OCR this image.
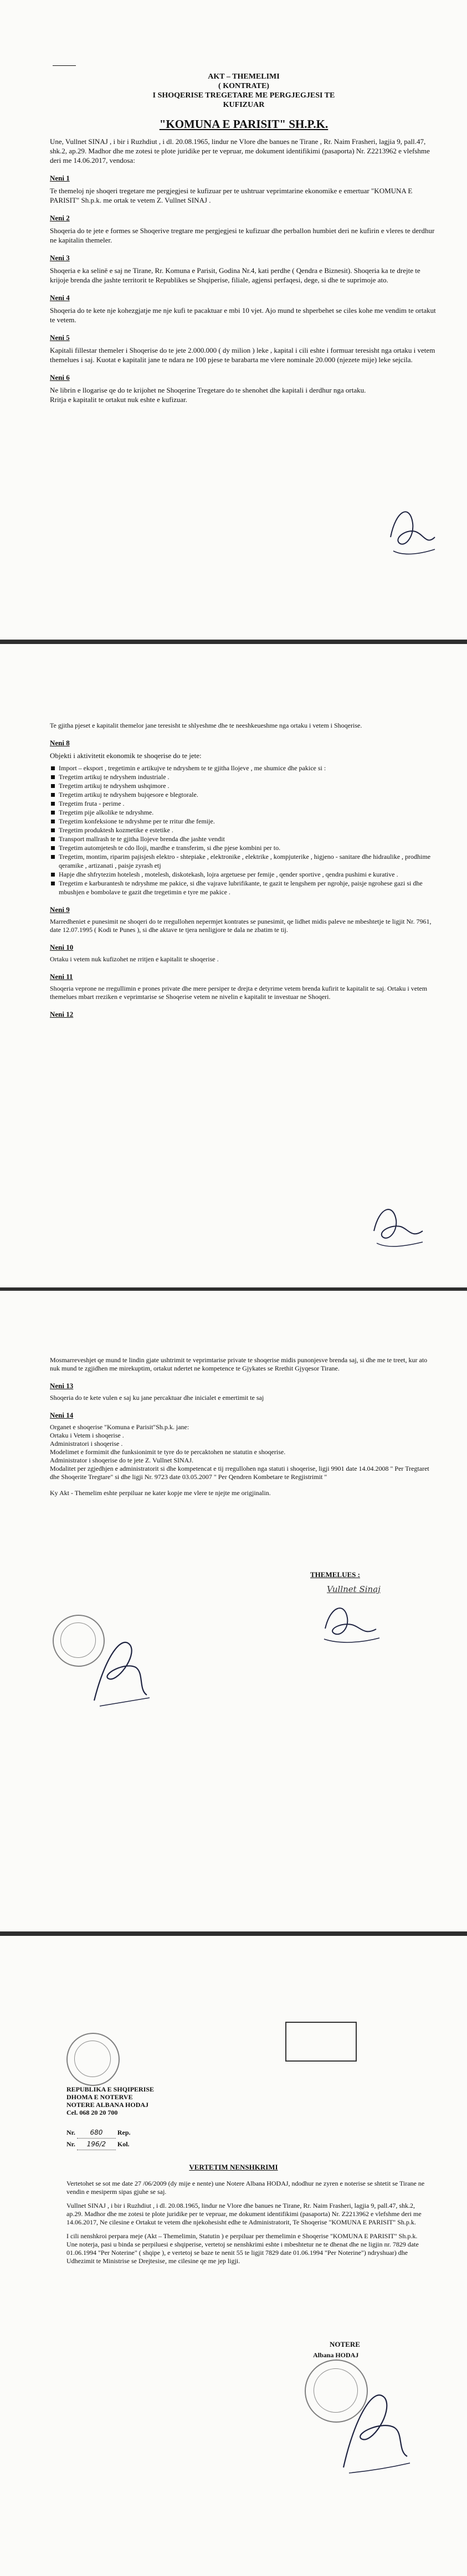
AKT – THEMELIMI
( KONTRATE)
I SHOQERISE TREGETARE ME PERGJEGJESI TE
KUFIZUAR
"KOMUNA E PARISIT" SH.P.K.

Une, Vullnet SINAJ , i bir i Ruzhdiut , i dl. 20.08.1965, lindur ne Vlore dhe banues ne Tirane , Rr. Naim Frasheri, lagjia 9, pall.47, shk.2, ap.29. Madhor dhe me zotesi te plote juridike per te vepruar, me dokument identifikimi (pasaporta) Nr. Z2213962 e vlefshme deri me 14.06.2017, vendosa:

Neni 1

Te themeloj nje shoqeri tregetare me pergjegjesi te kufizuar per te ushtruar veprimtarine ekonomike e emertuar "KOMUNA E PARISIT" Sh.p.k. me ortak te vetem Z. Vullnet SINAJ .

Neni 2

Shoqeria do te jete e formes se Shoqerive tregtare me pergjegjesi te kufizuar dhe perballon humbiet deri ne kufirin e vleres te derdhur ne kapitalin themeler.

Neni 3

Shoqeria e ka selinë e saj ne Tirane, Rr. Komuna e Parisit, Godina Nr.4, kati perdhe ( Qendra e Biznesit). Shoqeria ka te drejte te krijoje brenda dhe jashte territorit te Republikes se Shqiperise, filiale, agjensi perfaqesi, dege, si dhe te suprimoje ato.

Neni 4

Shoqeria do te kete nje kohezgjatje me nje kufi te pacaktuar e mbi 10 vjet. Ajo mund te shperbehet se ciles kohe me vendim te ortakut te vetem.

Neni 5

Kapitali fillestar themeler i Shoqerise do te jete 2.000.000 ( dy milion ) leke , kapital i cili eshte i formuar teresisht nga ortaku i vetem themelues i saj. Kuotat e kapitalit jane te ndara ne 100 pjese te barabarta me vlere nominale 20.000 (njezete mije) leke sejcila.

Neni 6

Ne librin e llogarise qe do te krijohet ne Shoqerine Tregetare do te shenohet dhe kapitali i derdhur nga ortaku.
Rritja e kapitalit te ortakut nuk eshte e kufizuar.

Te gjitha pjeset e kapitalit themelor jane teresisht te shlyeshme dhe te neeshkeueshme nga ortaku i vetem i Shoqerise.

Neni 8

Objekti i aktivitetit ekonomik te shoqerise do te jete:

Import – eksport , tregetimin e artikujve te ndryshem te te gjitha llojeve , me shumice dhe pakice si :

Tregetim artikuj te ndryshem industriale .

Tregetim artikuj te ndryshem ushqimore .

Tregetim artikuj te ndryshem bujqesore e blegtorale.

Tregetim fruta - perime .

Tregetim pije alkolike te ndryshme.

Tregetim konfeksione te ndryshme per te rritur dhe femije.

Tregetim produktesh kozmetike e estetike .

Transport mallrash te te gjitha llojeve brenda dhe jashte vendit

Tregetim automjetesh te cdo lloji, mardhe e transferim, si dhe pjese kombini per to.

Tregetim, montim, riparim pajisjesh elektro - shtepiake , elektronike , elektrike , kompjuterike , higjeno - sanitare dhe hidraulike , prodhime qeramike , artizanati , paisje zyrash etj

Hapje dhe shfrytezim hotelesh , motelesh, diskotekash, lojra argetuese per femije , qender sportive , qendra pushimi e kurative .

Tregetim e karburantesh te ndryshme me pakice, si dhe vajrave lubrifikante, te gazit te lengshem per ngrohje, paisje ngrohese gazi si dhe mbushjen e bombolave te gazit dhe tregetimin e tyre me pakice .

Neni 9

Marredheniet e punesimit ne shoqeri do te rregullohen nepermjet kontrates se punesimit, qe lidhet midis paleve ne mbeshtetje te ligjit Nr. 7961, date 12.07.1995 ( Kodi te Punes ), si dhe aktave te tjera nenligjore te dala ne zbatim te tij.

Neni 10

Ortaku i vetem nuk kufizohet ne rritjen e kapitalit te shoqerise .

Neni 11

Shoqeria veprone ne rregullimin e prones private dhe mere persiper te drejta e detyrime vetem brenda kufirit te kapitalit te saj. Ortaku i vetem themelues mbart rreziken e veprimtarise se Shoqerise vetem ne nivelin e kapitalit te investuar ne Shoqeri.

Neni 12

Mosmarreveshjet qe mund te lindin gjate ushtrimit te veprimtarise private te shoqerise midis punonjesve brenda saj, si dhe me te treet, kur ato nuk mund te zgjidhen me mirekuptim, ortakut ndertet ne kompetence te Gjykates se Rrethit Gjyqesor Tirane.

Neni 13

Shoqeria do te kete vulen e saj ku jane percaktuar dhe inicialet e emertimit te saj

Neni 14

Organet e shoqerise "Komuna e Parisit"Sh.p.k. jane:
Ortaku i Vetem i shoqerise .
Administratori i shoqerise .
Modelimet e formimit dhe funksionimit te tyre do te percaktohen ne statutin e shoqerise.
Administrator i shoqerise do te jete Z. Vullnet SINAJ.
Modalitet per zgjedhjen e administratorit si dhe kompetencat e tij rregullohen nga statuti i shoqerise, ligji 9901 date 14.04.2008 " Per Tregtaret dhe Shoqerite Tregtare" si dhe ligji Nr. 9723 date 03.05.2007 " Per Qendren Kombetare te Regjistrimit "

Ky Akt - Themelim eshte perpiluar ne kater kopje me vlere te njejte me origjinalin.

THEMELUES :
Vullnet Sinaj
REPUBLIKA E SHQIPERISE
DHOMA E NOTERVE
NOTERE ALBANA HODAJ
Cel. 068 20 20 700
Nr. 680 Rep.
Nr. 196/2 Kol.
VERTETIM NENSHKRIMI

Vertetohet se sot me date 27 /06/2009 (dy mije e nente) une Notere Albana HODAJ, ndodhur ne zyren e noterise se shtetit se Tirane ne vendin e mesiperm sipas gjuhe se saj.

Vullnet SINAJ , i bir i Ruzhdiut , i dl. 20.08.1965, lindur ne Vlore dhe banues ne Tirane, Rr. Naim Frasheri, lagjia 9, pall.47, shk.2, ap.29. Madhor dhe me zotesi te plote juridike per te vepruar, me dokument identifikimi (pasaporta) Nr. Z2213962 e vlefshme deri me 14.06.2017, Ne cilesine e Ortakut te vetem dhe njekohesisht edhe te Administratorit, Te Shoqerise "KOMUNA E PARISIT" Sh.p.k.

I cili nenshkroi perpara meje (Akt – Themelimin, Statutin ) e perpiluar per themelimin e Shoqerise "KOMUNA E PARISIT" Sh.p.k. Une noterja, pasi u binda se perpiluesi e shqiperise, vertetoj se nenshkrimi eshte i mbeshtetur ne te dhenat dhe ne ligjin nr. 7829 date 01.06.1994 "Per Noterine" ( shqipe ), e vertetoj se baze te nenit 55 te ligjit 7829 date 01.06.1994 "Per Noterine") ndryshuar) dhe Udhezimit te Ministrise se Drejtesise, me cilesine qe me jep ligji.

NOTERE
Albana HODAJ
